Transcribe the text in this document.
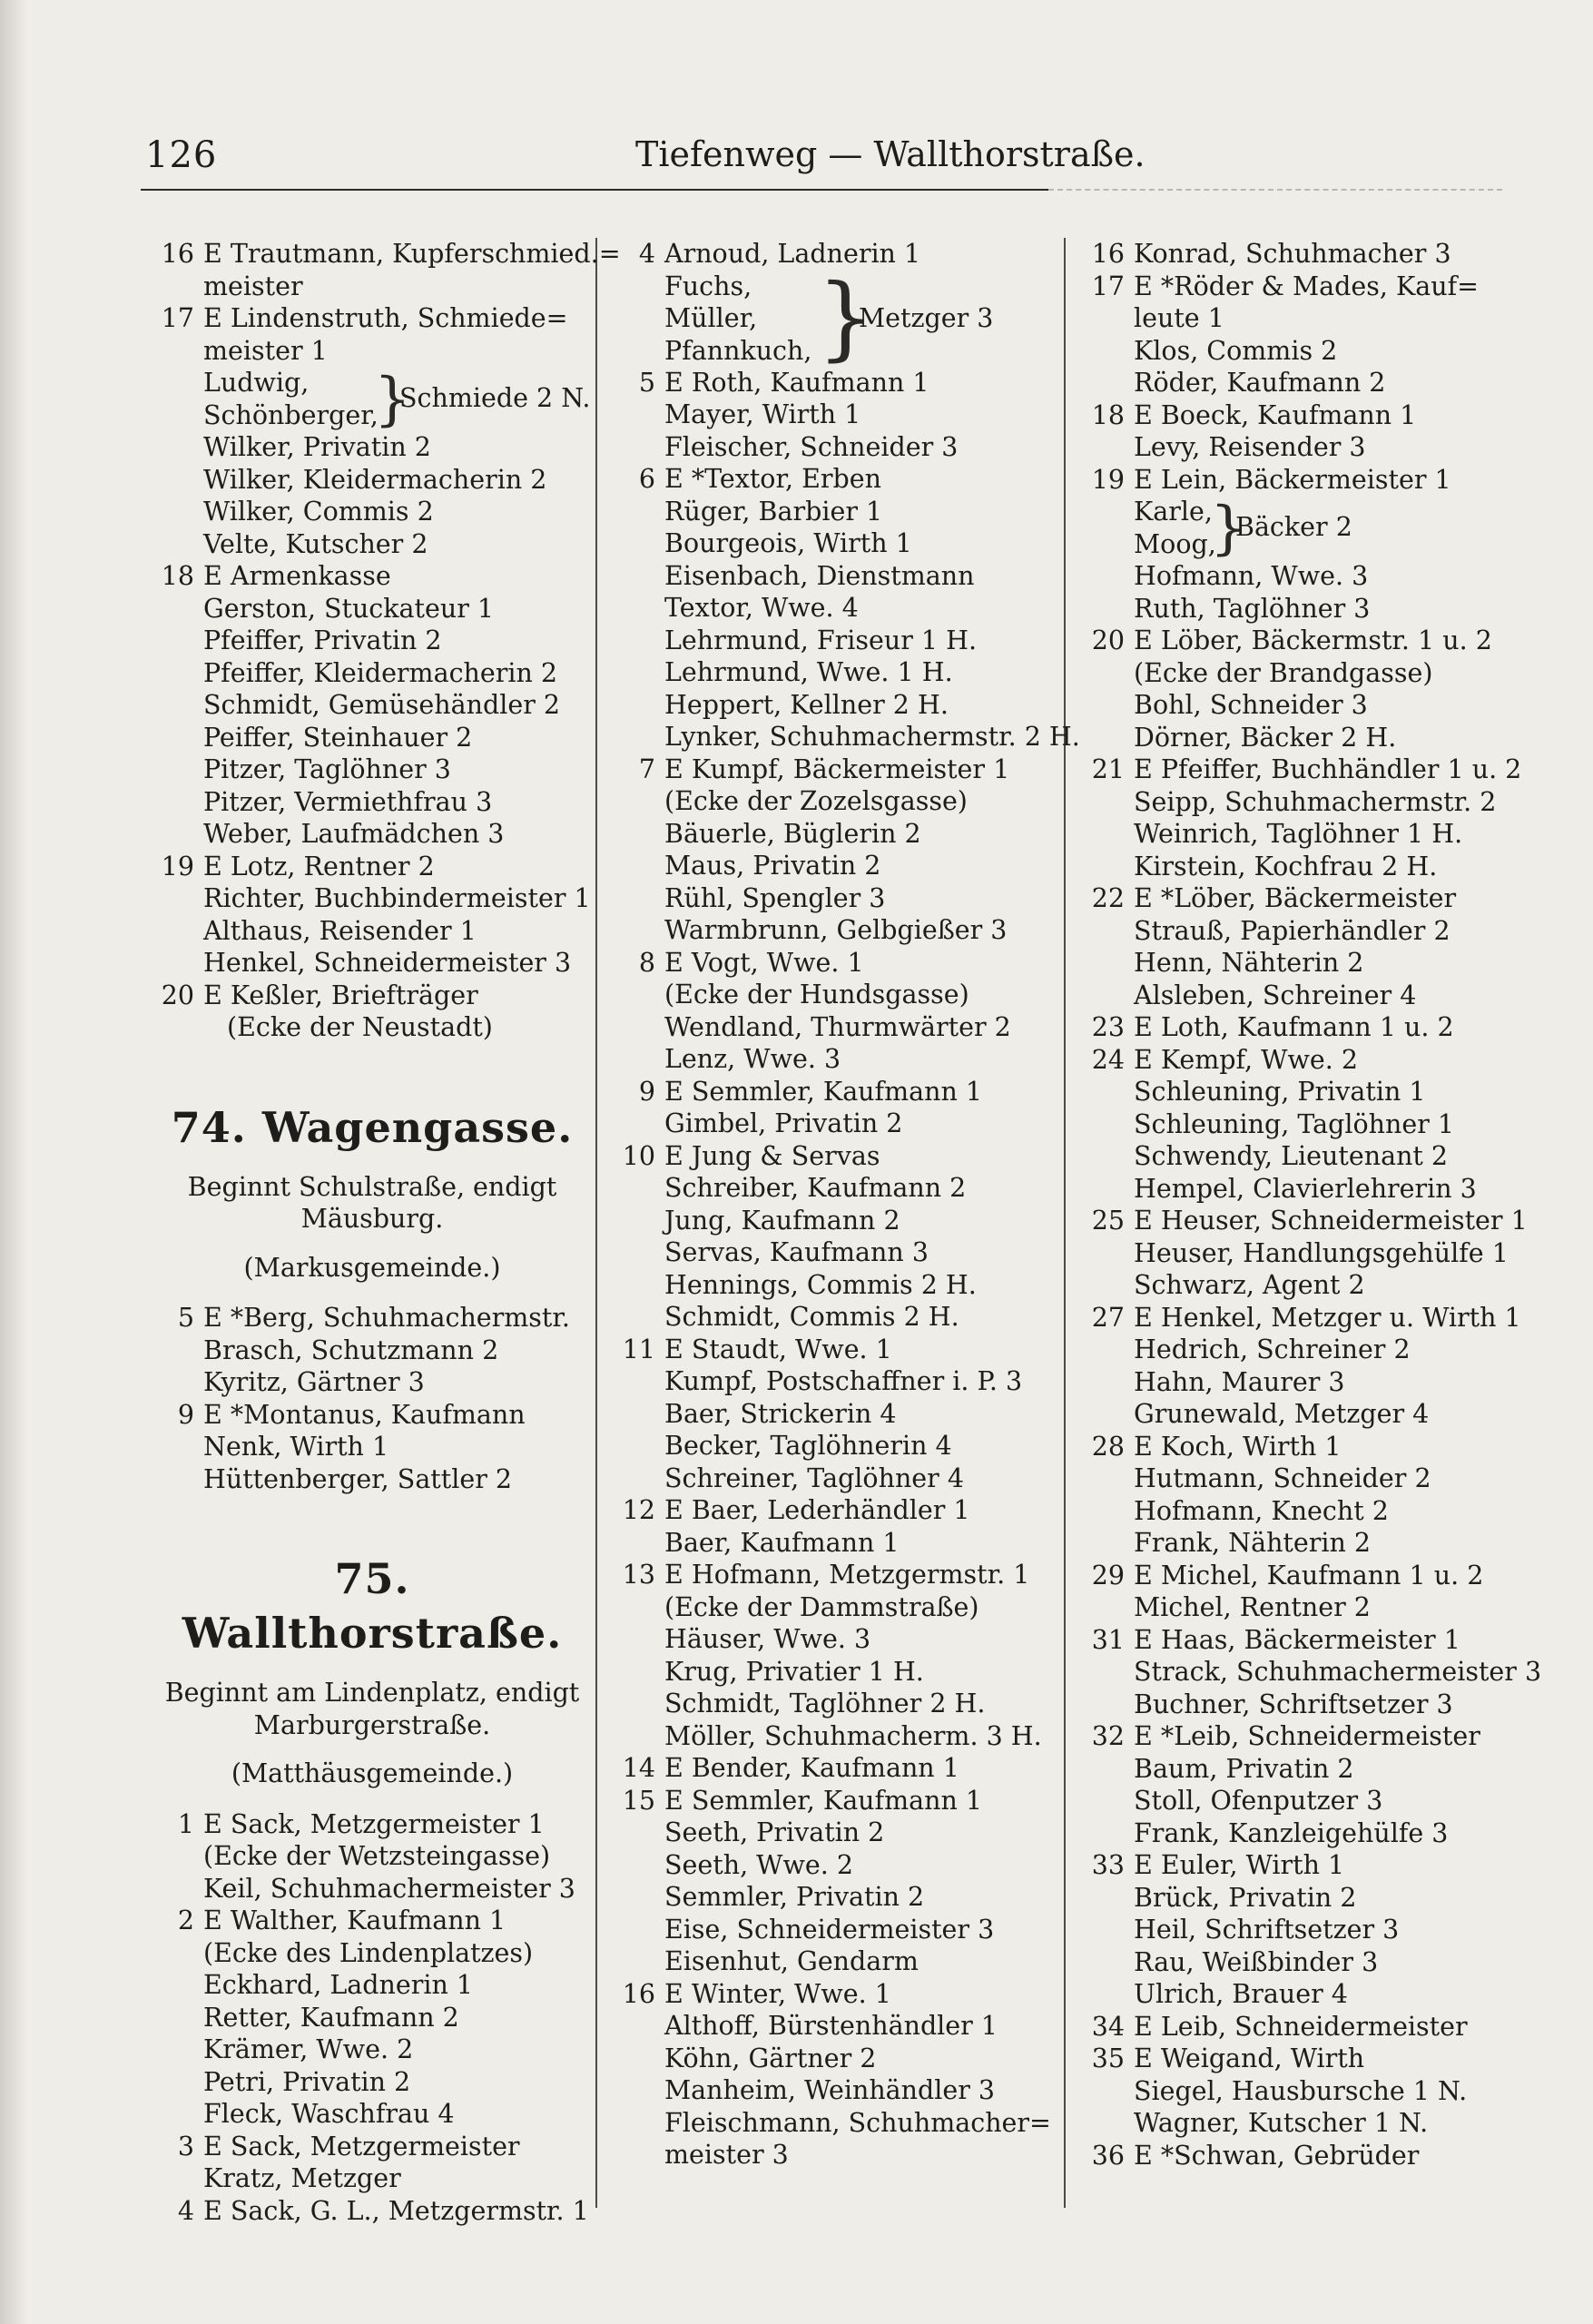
126	Tiefenweg — Wallthorstraße.
16 E Trautmann, Kupferschmied.=
meister
17 E Lindenstruth, Schmiede=
meister 1
Ludwig,
Schönberger,
}
Schmiede 2 N.
Wilker, Privatin 2
Wilker, Kleidermacherin 2
Wilker, Commis 2
Velte, Kutscher 2
18 E Armenkasse
Gerston, Stuckateur 1
Pfeiffer, Privatin 2
Pfeiffer, Kleidermacherin 2
Schmidt, Gemüsehändler 2
Peiffer, Steinhauer 2
Pitzer, Taglöhner 3
Pitzer, Vermiethfrau 3
Weber, Laufmädchen 3
19 E Lotz, Rentner 2
Richter, Buchbindermeister 1
Althaus, Reisender 1
Henkel, Schneidermeister 3
20 E Keßler, Briefträger
(Ecke der Neustadt)
74. Wagengasse.
Beginnt Schulstraße, endigt
Mäusburg.
(Markusgemeinde.)
5 E *Berg, Schuhmachermstr.
Brasch, Schutzmann 2
Kyritz, Gärtner 3
9 E *Montanus, Kaufmann
Nenk, Wirth 1
Hüttenberger, Sattler 2
75. Wallthorstraße.
Beginnt am Lindenplatz, endigt
Marburgerstraße.
(Matthäusgemeinde.)
1 E Sack, Metzgermeister 1
(Ecke der Wetzsteingasse)
Keil, Schuhmachermeister 3
2 E Walther, Kaufmann 1
(Ecke des Lindenplatzes)
Eckhard, Ladnerin 1
Retter, Kaufmann 2
Krämer, Wwe. 2
Petri, Privatin 2
Fleck, Waschfrau 4
3 E Sack, Metzgermeister
Kratz, Metzger
4 E Sack, G. L., Metzgermstr. 1
4 Arnoud, Ladnerin 1
Fuchs,
Müller,
Pfannkuch, }
Metzger 3
5 E Roth, Kaufmann 1
Mayer, Wirth 1
Fleischer, Schneider 3
6 E *Textor, Erben
Rüger, Barbier 1
Bourgeois, Wirth 1
Eisenbach, Dienstmann
Textor, Wwe. 4
Lehrmund, Friseur 1 H.
Lehrmund, Wwe. 1 H.
Heppert, Kellner 2 H.
Lynker, Schuhmachermstr. 2 H.
7 E Kumpf, Bäckermeister 1
(Ecke der Zozelsgasse)
Bäuerle, Büglerin 2
Maus, Privatin 2
Rühl, Spengler 3
Warmbrunn, Gelbgießer 3
8 E Vogt, Wwe. 1
(Ecke der Hundsgasse)
Wendland, Thurmwärter 2
Lenz, Wwe. 3
9 E Semmler, Kaufmann 1
Gimbel, Privatin 2
10 E Jung & Servas
Schreiber, Kaufmann 2
Jung, Kaufmann 2
Servas, Kaufmann 3
Hennings, Commis 2 H.
Schmidt, Commis 2 H.
11 E Staudt, Wwe. 1
Kumpf, Postschaffner i. P. 3
Baer, Strickerin 4
Becker, Taglöhnerin 4
Schreiner, Taglöhner 4
12 E Baer, Lederhändler 1
Baer, Kaufmann 1
13 E Hofmann, Metzgermstr. 1
(Ecke der Dammstraße)
Häuser, Wwe. 3
Krug, Privatier 1 H.
Schmidt, Taglöhner 2 H.
Möller, Schuhmacherm. 3 H.
14 E Bender, Kaufmann 1
15 E Semmler, Kaufmann 1
Seeth, Privatin 2
Seeth, Wwe. 2
Semmler, Privatin 2
Eise, Schneidermeister 3
Eisenhut, Gendarm
16 E Winter, Wwe. 1
Althoff, Bürstenhändler 1
Köhn, Gärtner 2
Manheim, Weinhändler 3
Fleischmann, Schuhmacher=
meister 3
16 Konrad, Schuhmacher 3
17 E *Röder & Mades, Kauf=
leute 1
Klos, Commis 2
Röder, Kaufmann 2
18 E Boeck, Kaufmann 1
Levy, Reisender 3
19 E Lein, Bäckermeister 1
Karle,
Moog,
}
Bäcker 2
Hofmann, Wwe. 3
Ruth, Taglöhner 3
20 E Löber, Bäckermstr. 1 u. 2
(Ecke der Brandgasse)
Bohl, Schneider 3
Dörner, Bäcker 2 H.
21 E Pfeiffer, Buchhändler 1 u. 2
Seipp, Schuhmachermstr. 2
Weinrich, Taglöhner 1 H.
Kirstein, Kochfrau 2 H.
22 E *Löber, Bäckermeister
Strauß, Papierhändler 2
Henn, Nähterin 2
Alsleben, Schreiner 4
23 E Loth, Kaufmann 1 u. 2
24 E Kempf, Wwe. 2
Schleuning, Privatin 1
Schleuning, Taglöhner 1
Schwendy, Lieutenant 2
Hempel, Clavierlehrerin 3
25 E Heuser, Schneidermeister 1
Heuser, Handlungsgehülfe 1
Schwarz, Agent 2
27 E Henkel, Metzger u. Wirth 1
Hedrich, Schreiner 2
Hahn, Maurer 3
Grunewald, Metzger 4
28 E Koch, Wirth 1
Hutmann, Schneider 2
Hofmann, Knecht 2
Frank, Nähterin 2
29 E Michel, Kaufmann 1 u. 2
Michel, Rentner 2
31 E Haas, Bäckermeister 1
Strack, Schuhmachermeister 3
Buchner, Schriftsetzer 3
32 E *Leib, Schneidermeister
Baum, Privatin 2
Stoll, Ofenputzer 3
Frank, Kanzleigehülfe 3
33 E Euler, Wirth 1
Brück, Privatin 2
Heil, Schriftsetzer 3
Rau, Weißbinder 3
Ulrich, Brauer 4
34 E Leib, Schneidermeister
35 E Weigand, Wirth
Siegel, Hausbursche 1 N.
Wagner, Kutscher 1 N.
36 E *Schwan, Gebrüder
